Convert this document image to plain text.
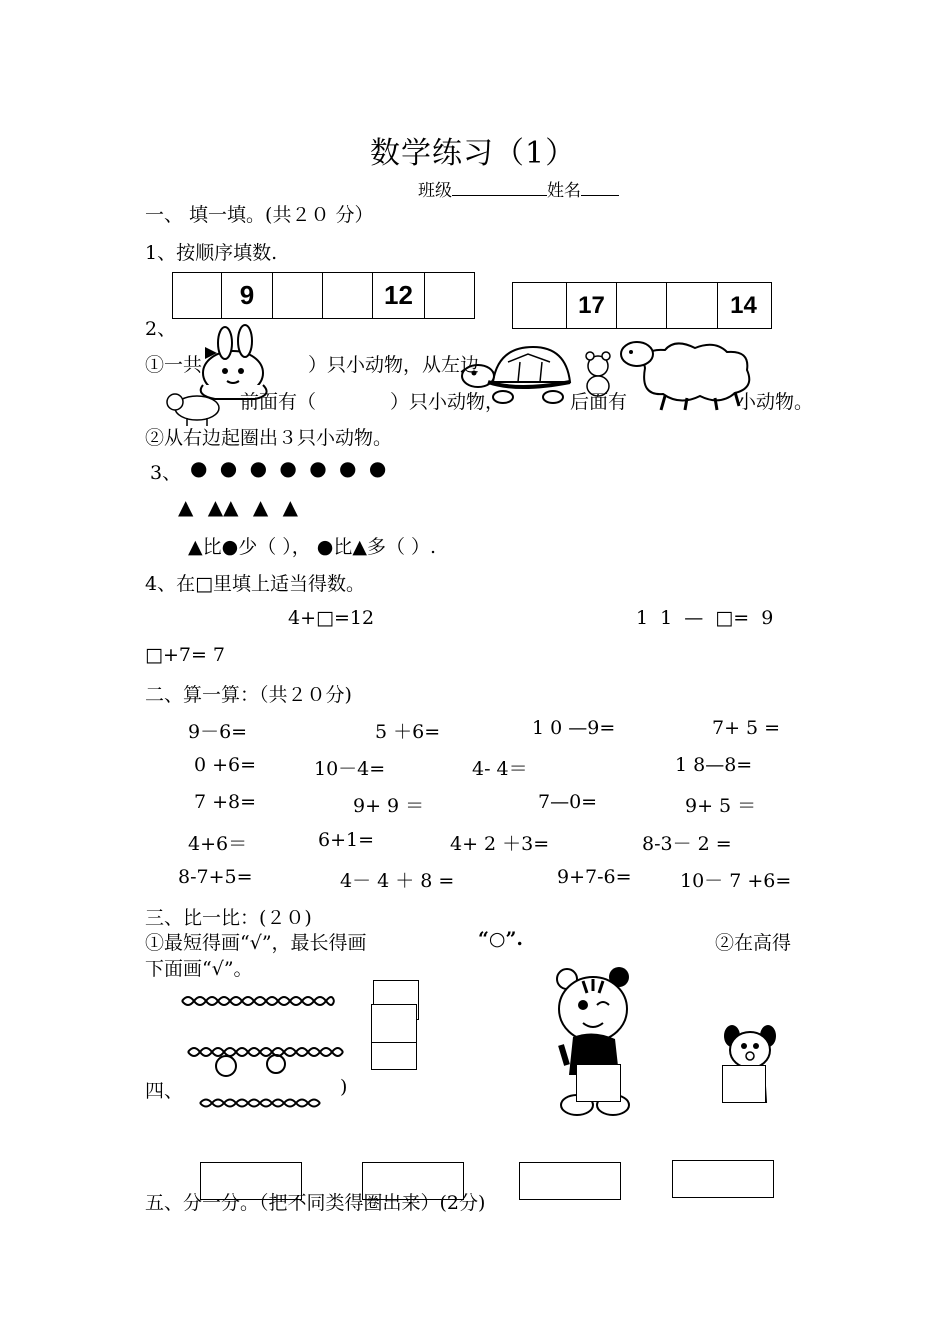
数学练习（1）
班级	姓名
一、 填一填。(共２０ 分）
1、按顺序填数.
9	12	17	14
2、
①一共	）只小动物，从左边
前面有（	）只小动物，	后面有	小动物。
②从右边起圈出３只小动物。
3、 ● ● ● ● ● ● ●
▲ ▲▲ ▲ ▲
▲比●少（ ）， ●比▲多（ ）.
4、在□里填上适当得数。
4+□=12	1 1 — □= 9
□+7= 7
二、算一算：（共２０分)
9－6=	5 ＋6=	1 0 —9=	7+ 5 =
0 +6=	10－4=	4- 4＝	1 8—8=
7 +8=	9+ 9 ＝	7—0=	9+ 5 ＝
4+6＝	6+1=	4+ 2 ＋3=	8-3－ 2 =
8-7+5=	4－ 4 ＋ 8 =	9+7-6=	10－ 7 +6=
三、比一比：(２０)
①最短得画“√”，最长得画	“○”.	②在高得
下面画“√”。
四、	)
五、分一分。（把不同类得圈出来）(2分)
